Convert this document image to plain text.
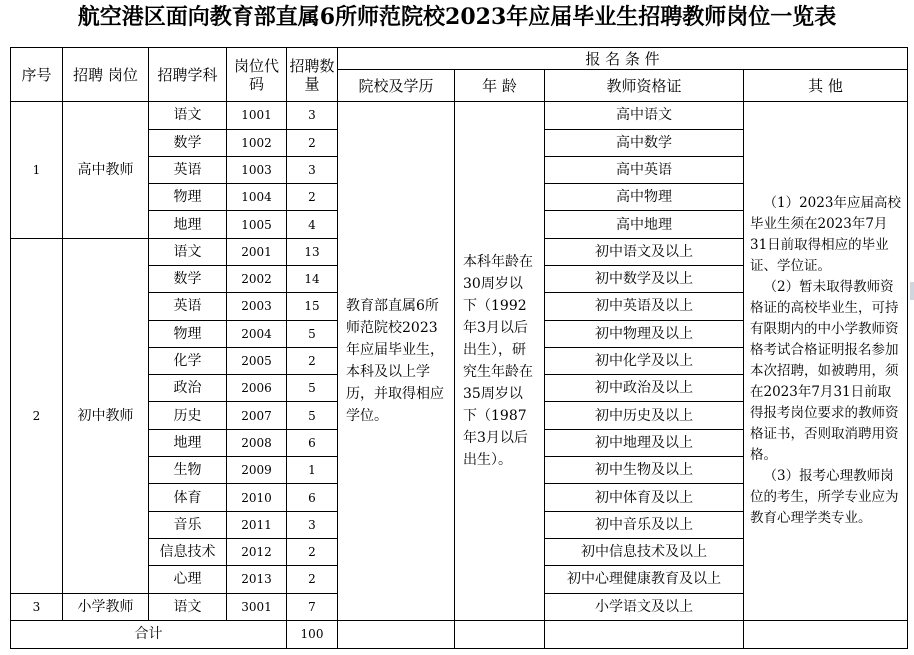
航空港区面向教育部直属6所师范院校2023年应届毕业生招聘教师岗位一览表
序号	招聘 岗位	招聘学科	岗位代码	招聘数量	报 名 条 件			
					院校及学历	年 龄	教师资格证	其 他
1	高中教师	语文	1001	3	教育部直属6所师范院校2023年应届毕业生，本科及以上学历，并取得相应学位。	本科年龄在30周岁以下（1992年3月以后出生），研究生年龄在35周岁以下（1987年3月以后出生）。	高中语文	（1）2023年应届高校毕业生须在2023年7月31日前取得相应的毕业证、学位证。

（2）暂未取得教师资格证的高校毕业生，可持有限期内的中小学教师资格考试合格证明报名参加本次招聘，如被聘用，须在2023年7月31日前取得报考岗位要求的教师资格证书，否则取消聘用资格。

（3）报考心理教师岗位的考生，所学专业应为教育心理学类专业。

		数学	1002	2			高中数学	
		英语	1003	3			高中英语	
		物理	1004	2			高中物理	
		地理	1005	4			高中地理	
2	初中教师	语文	2001	13			初中语文及以上	
		数学	2002	14			初中数学及以上	
		英语	2003	15			初中英语及以上	
		物理	2004	5			初中物理及以上	
		化学	2005	2			初中化学及以上	
		政治	2006	5			初中政治及以上	
		历史	2007	5			初中历史及以上	
		地理	2008	6			初中地理及以上	
		生物	2009	1			初中生物及以上	
		体育	2010	6			初中体育及以上	
		音乐	2011	3			初中音乐及以上	
		信息技术	2012	2			初中信息技术及以上	
		心理	2013	2			初中心理健康教育及以上	
3	小学教师	语文	3001	7			小学语文及以上	
合计				100				
